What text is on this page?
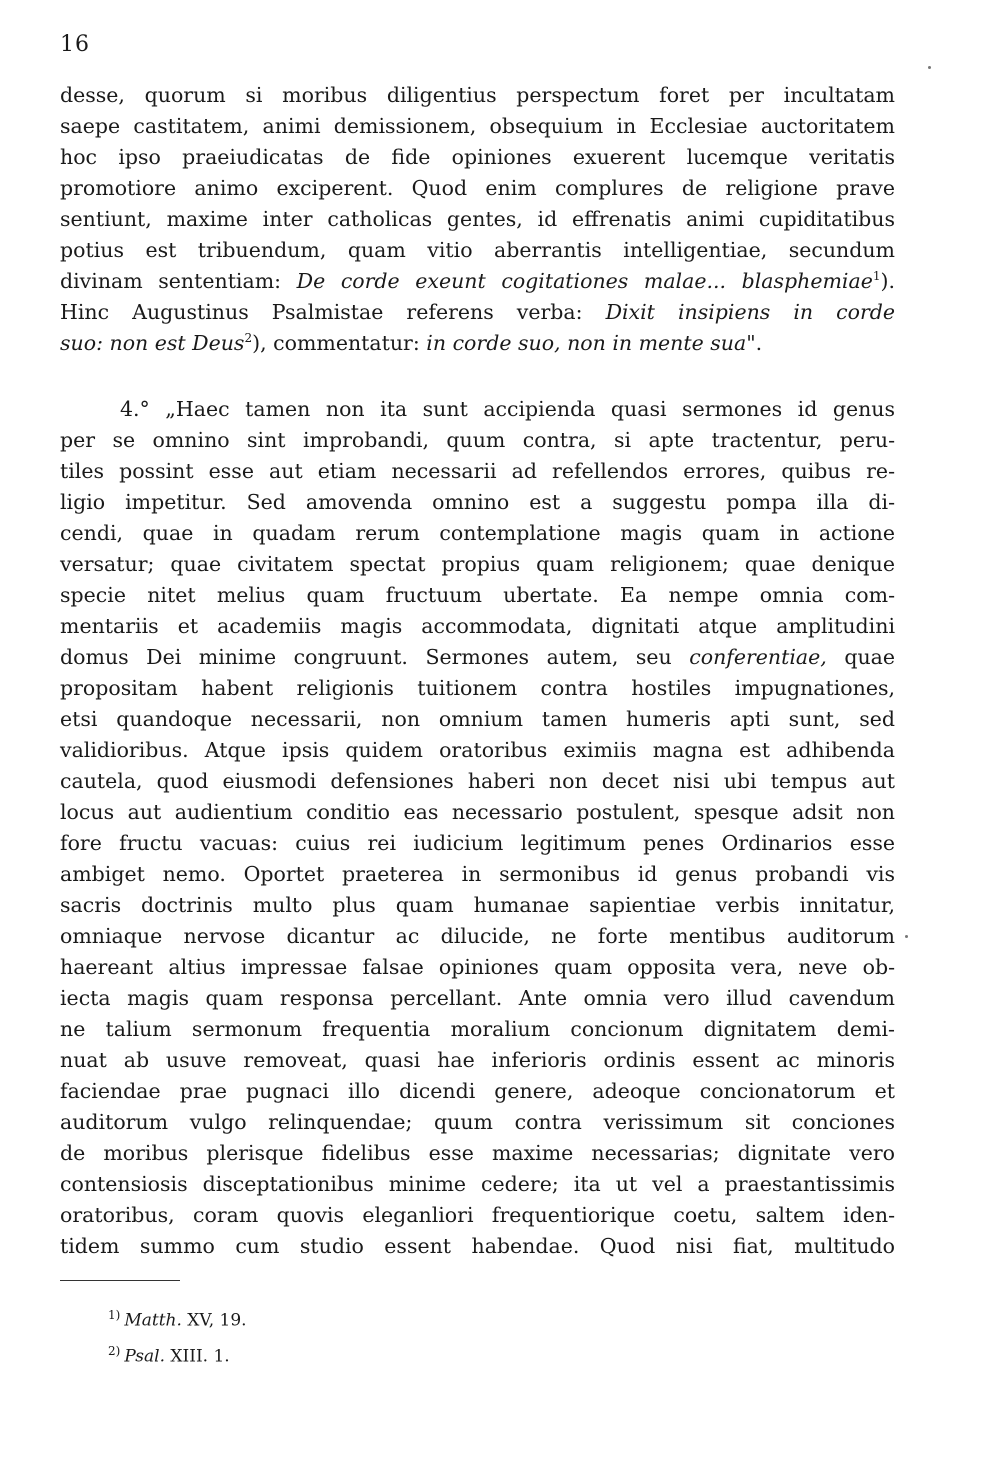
16
desse, quorum si moribus diligentius perspectum foret per incultatam
saepe castitatem, animi demissionem, obsequium in Ecclesiae auctoritatem
hoc ipso praeiudicatas de fide opiniones exuerent lucemque veritatis
promotiore animo exciperent. Quod enim complures de religione prave
sentiunt, maxime inter catholicas gentes, id effrenatis animi cupiditatibus
potius est tribuendum, quam vitio aberrantis intelligentiae, secundum
divinam sententiam: De corde exeunt cogitationes malae... blasphemiae$^1$).
Hinc Augustinus Psalmistae referens verba: Dixit insipiens in corde
suo: non est Deus$^2$), commentatur: in corde suo, non in mente sua".
4.° „Haec tamen non ita sunt accipienda quasi sermones id genus
per se omnino sint improbandi, quum contra, si apte tractentur, peru-
tiles possint esse aut etiam necessarii ad refellendos errores, quibus re-
ligio impetitur. Sed amovenda omnino est a suggestu pompa illa di-
cendi, quae in quadam rerum contemplatione magis quam in actione
versatur; quae civitatem spectat propius quam religionem; quae denique
specie nitet melius quam fructuum ubertate. Ea nempe omnia com-
mentariis et academiis magis accommodata, dignitati atque amplitudini
domus Dei minime congruunt. Sermones autem, seu conferentiae, quae
propositam habent religionis tuitionem contra hostiles impugnationes,
etsi quandoque necessarii, non omnium tamen humeris apti sunt, sed
validioribus. Atque ipsis quidem oratoribus eximiis magna est adhibenda
cautela, quod eiusmodi defensiones haberi non decet nisi ubi tempus aut
locus aut audientium conditio eas necessario postulent, spesque adsit non
fore fructu vacuas: cuius rei iudicium legitimum penes Ordinarios esse
ambiget nemo. Oportet praeterea in sermonibus id genus probandi vis
sacris doctrinis multo plus quam humanae sapientiae verbis innitatur,
omniaque nervose dicantur ac dilucide, ne forte mentibus auditorum
haereant altius impressae falsae opiniones quam opposita vera, neve ob-
iecta magis quam responsa percellant. Ante omnia vero illud cavendum
ne talium sermonum frequentia moralium concionum dignitatem demi-
nuat ab usuve removeat, quasi hae inferioris ordinis essent ac minoris
faciendae prae pugnaci illo dicendi genere, adeoque concionatorum et
auditorum vulgo relinquendae; quum contra verissimum sit conciones
de moribus plerisque fidelibus esse maxime necessarias; dignitate vero
contensiosis disceptationibus minime cedere; ita ut vel a praestantissimis
oratoribus, coram quovis eleganliori frequentiorique coetu, saltem iden-
tidem summo cum studio essent habendae. Quod nisi fiat, multitudo
$^{1)}$ Matth. XV, 19.
$^{2)}$ Psal. XIII. 1.
